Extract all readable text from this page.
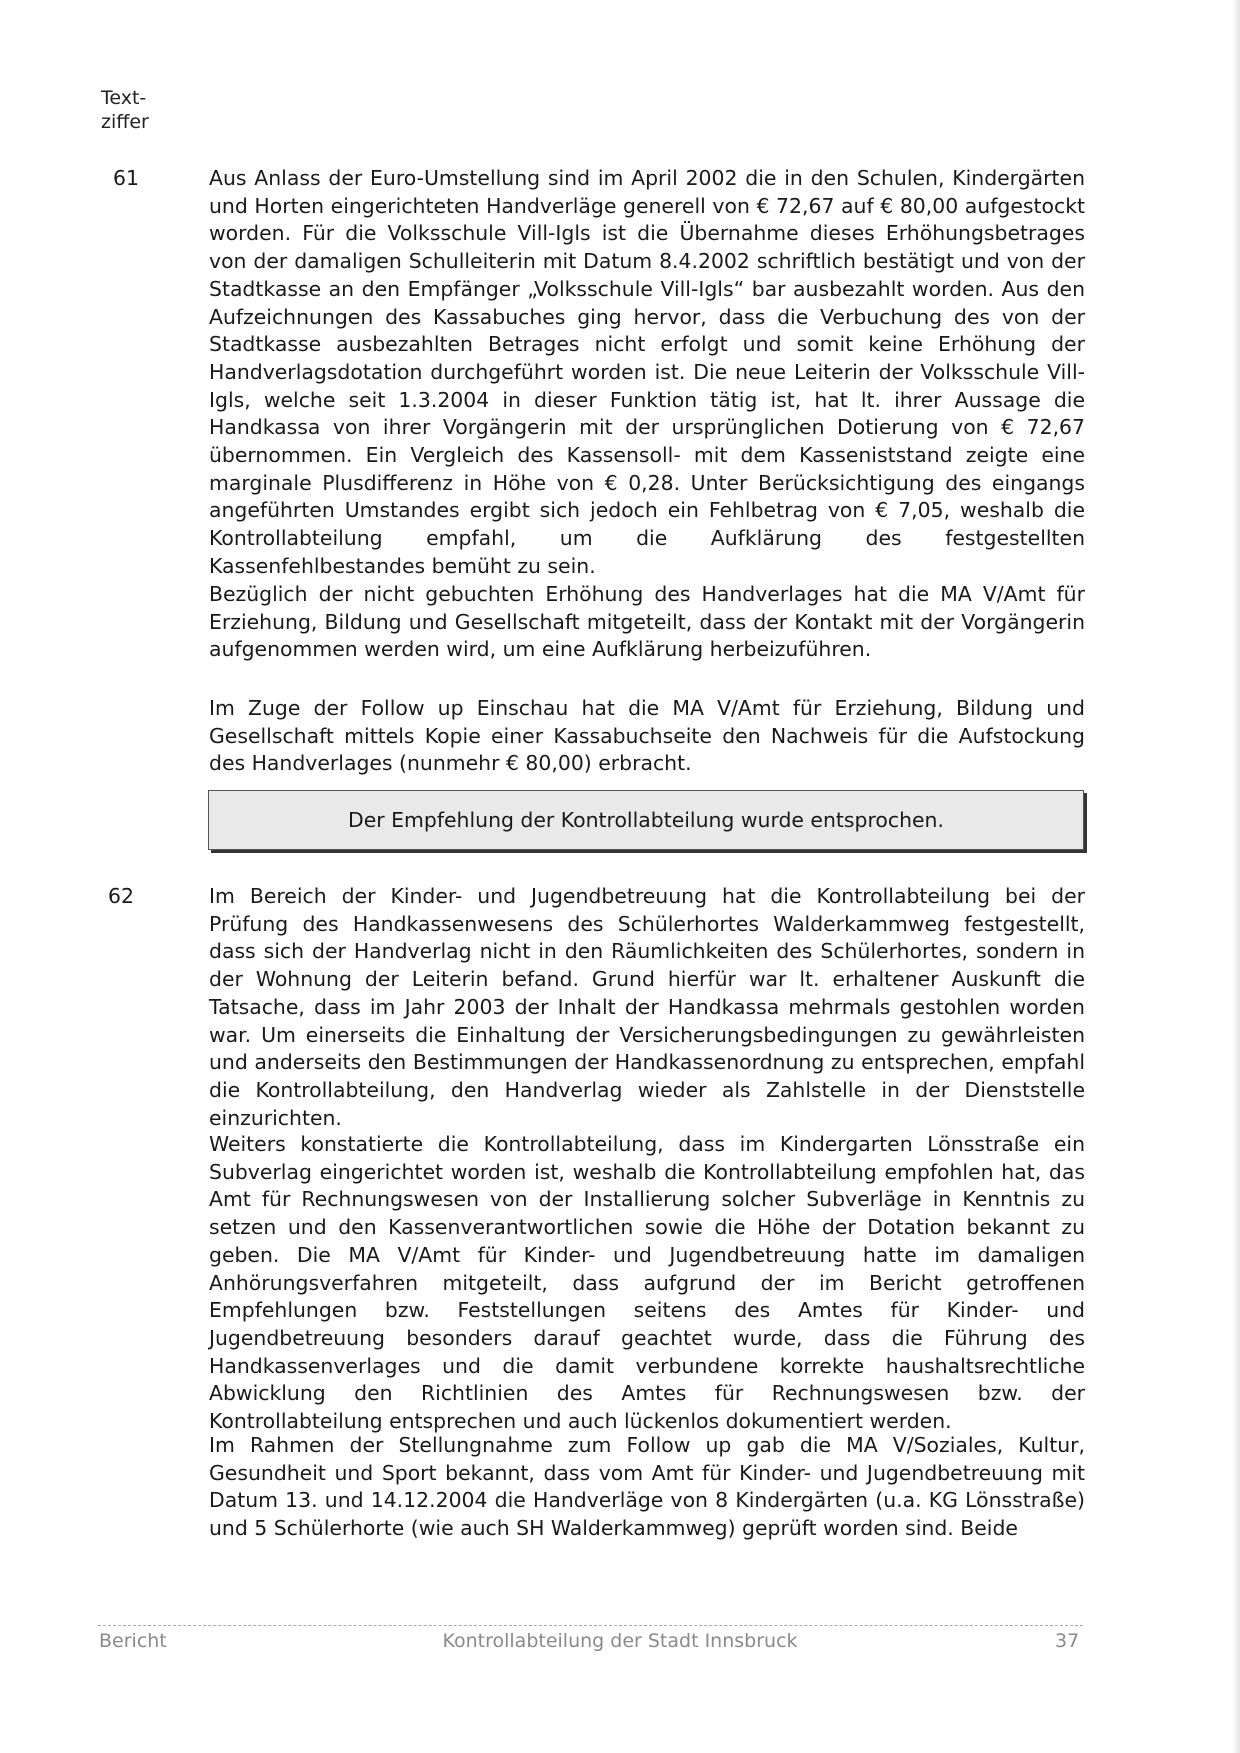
Text-
ziffer
61	Aus Anlass der Euro-Umstellung sind im April 2002 die in den Schulen, Kindergärten und Horten eingerichteten Handverläge generell von € 72,67 auf € 80,00 aufgestockt worden. Für die Volksschule Vill-Igls ist die Übernahme dieses Erhöhungsbetrages von der damaligen Schulleiterin mit Datum 8.4.2002 schriftlich bestätigt und von der Stadtkasse an den Empfänger „Volksschule Vill-Igls“ bar ausbezahlt worden. Aus den Aufzeichnungen des Kassabuches ging hervor, dass die Verbuchung des von der Stadtkasse ausbezahlten Betrages nicht erfolgt und somit keine Erhöhung der Handverlagsdotation durchgeführt worden ist. Die neue Leiterin der Volksschule Vill-Igls, welche seit 1.3.2004 in dieser Funktion tätig ist, hat lt. ihrer Aussage die Handkassa von ihrer Vorgängerin mit der ursprünglichen Dotierung von € 72,67 übernommen. Ein Vergleich des Kassensoll- mit dem Kasseniststand zeigte eine marginale Plusdifferenz in Höhe von € 0,28. Unter Berücksichtigung des eingangs angeführten Umstandes ergibt sich jedoch ein Fehlbetrag von € 7,05, weshalb die Kontrollabteilung empfahl, um die Aufklärung des festgestellten Kassenfehlbestandes bemüht zu sein.

Bezüglich der nicht gebuchten Erhöhung des Handverlages hat die MA V/Amt für Erziehung, Bildung und Gesellschaft mitgeteilt, dass der Kontakt mit der Vorgängerin aufgenommen werden wird, um eine Aufklärung herbeizuführen.

Im Zuge der Follow up Einschau hat die MA V/Amt für Erziehung, Bildung und Gesellschaft mittels Kopie einer Kassabuchseite den Nachweis für die Aufstockung des Handverlages (nunmehr € 80,00) erbracht.

Der Empfehlung der Kontrollabteilung wurde entsprochen.
62	Im Bereich der Kinder- und Jugendbetreuung hat die Kontrollabteilung bei der Prüfung des Handkassenwesens des Schülerhortes Walderkammweg festgestellt, dass sich der Handverlag nicht in den Räumlichkeiten des Schülerhortes, sondern in der Wohnung der Leiterin befand. Grund hierfür war lt. erhaltener Auskunft die Tatsache, dass im Jahr 2003 der Inhalt der Handkassa mehrmals gestohlen worden war. Um einerseits die Einhaltung der Versicherungsbedingungen zu gewährleisten und anderseits den Bestimmungen der Handkassenordnung zu entsprechen, empfahl die Kontrollabteilung, den Handverlag wieder als Zahlstelle in der Dienststelle einzurichten.

Weiters konstatierte die Kontrollabteilung, dass im Kindergarten Lönsstraße ein Subverlag eingerichtet worden ist, weshalb die Kontrollabteilung empfohlen hat, das Amt für Rechnungswesen von der Installierung solcher Subverläge in Kenntnis zu setzen und den Kassenverantwortlichen sowie die Höhe der Dotation bekannt zu geben. Die MA V/Amt für Kinder- und Jugendbetreuung hatte im damaligen Anhörungsverfahren mitgeteilt, dass aufgrund der im Bericht getroffenen Empfehlungen bzw. Feststellungen seitens des Amtes für Kinder- und Jugendbetreuung besonders darauf geachtet wurde, dass die Führung des Handkassenverlages und die damit verbundene korrekte haushaltsrechtliche Abwicklung den Richtlinien des Amtes für Rechnungswesen bzw. der Kontrollabteilung entsprechen und auch lückenlos dokumentiert werden.

Im Rahmen der Stellungnahme zum Follow up gab die MA V/Soziales, Kultur, Gesundheit und Sport bekannt, dass vom Amt für Kinder- und Jugendbetreuung mit Datum 13. und 14.12.2004 die Handverläge von 8 Kindergärten (u.a. KG Lönsstraße) und 5 Schülerhorte (wie auch SH Walderkammweg) geprüft worden sind. Beide

Bericht	Kontrollabteilung der Stadt Innsbruck	37
